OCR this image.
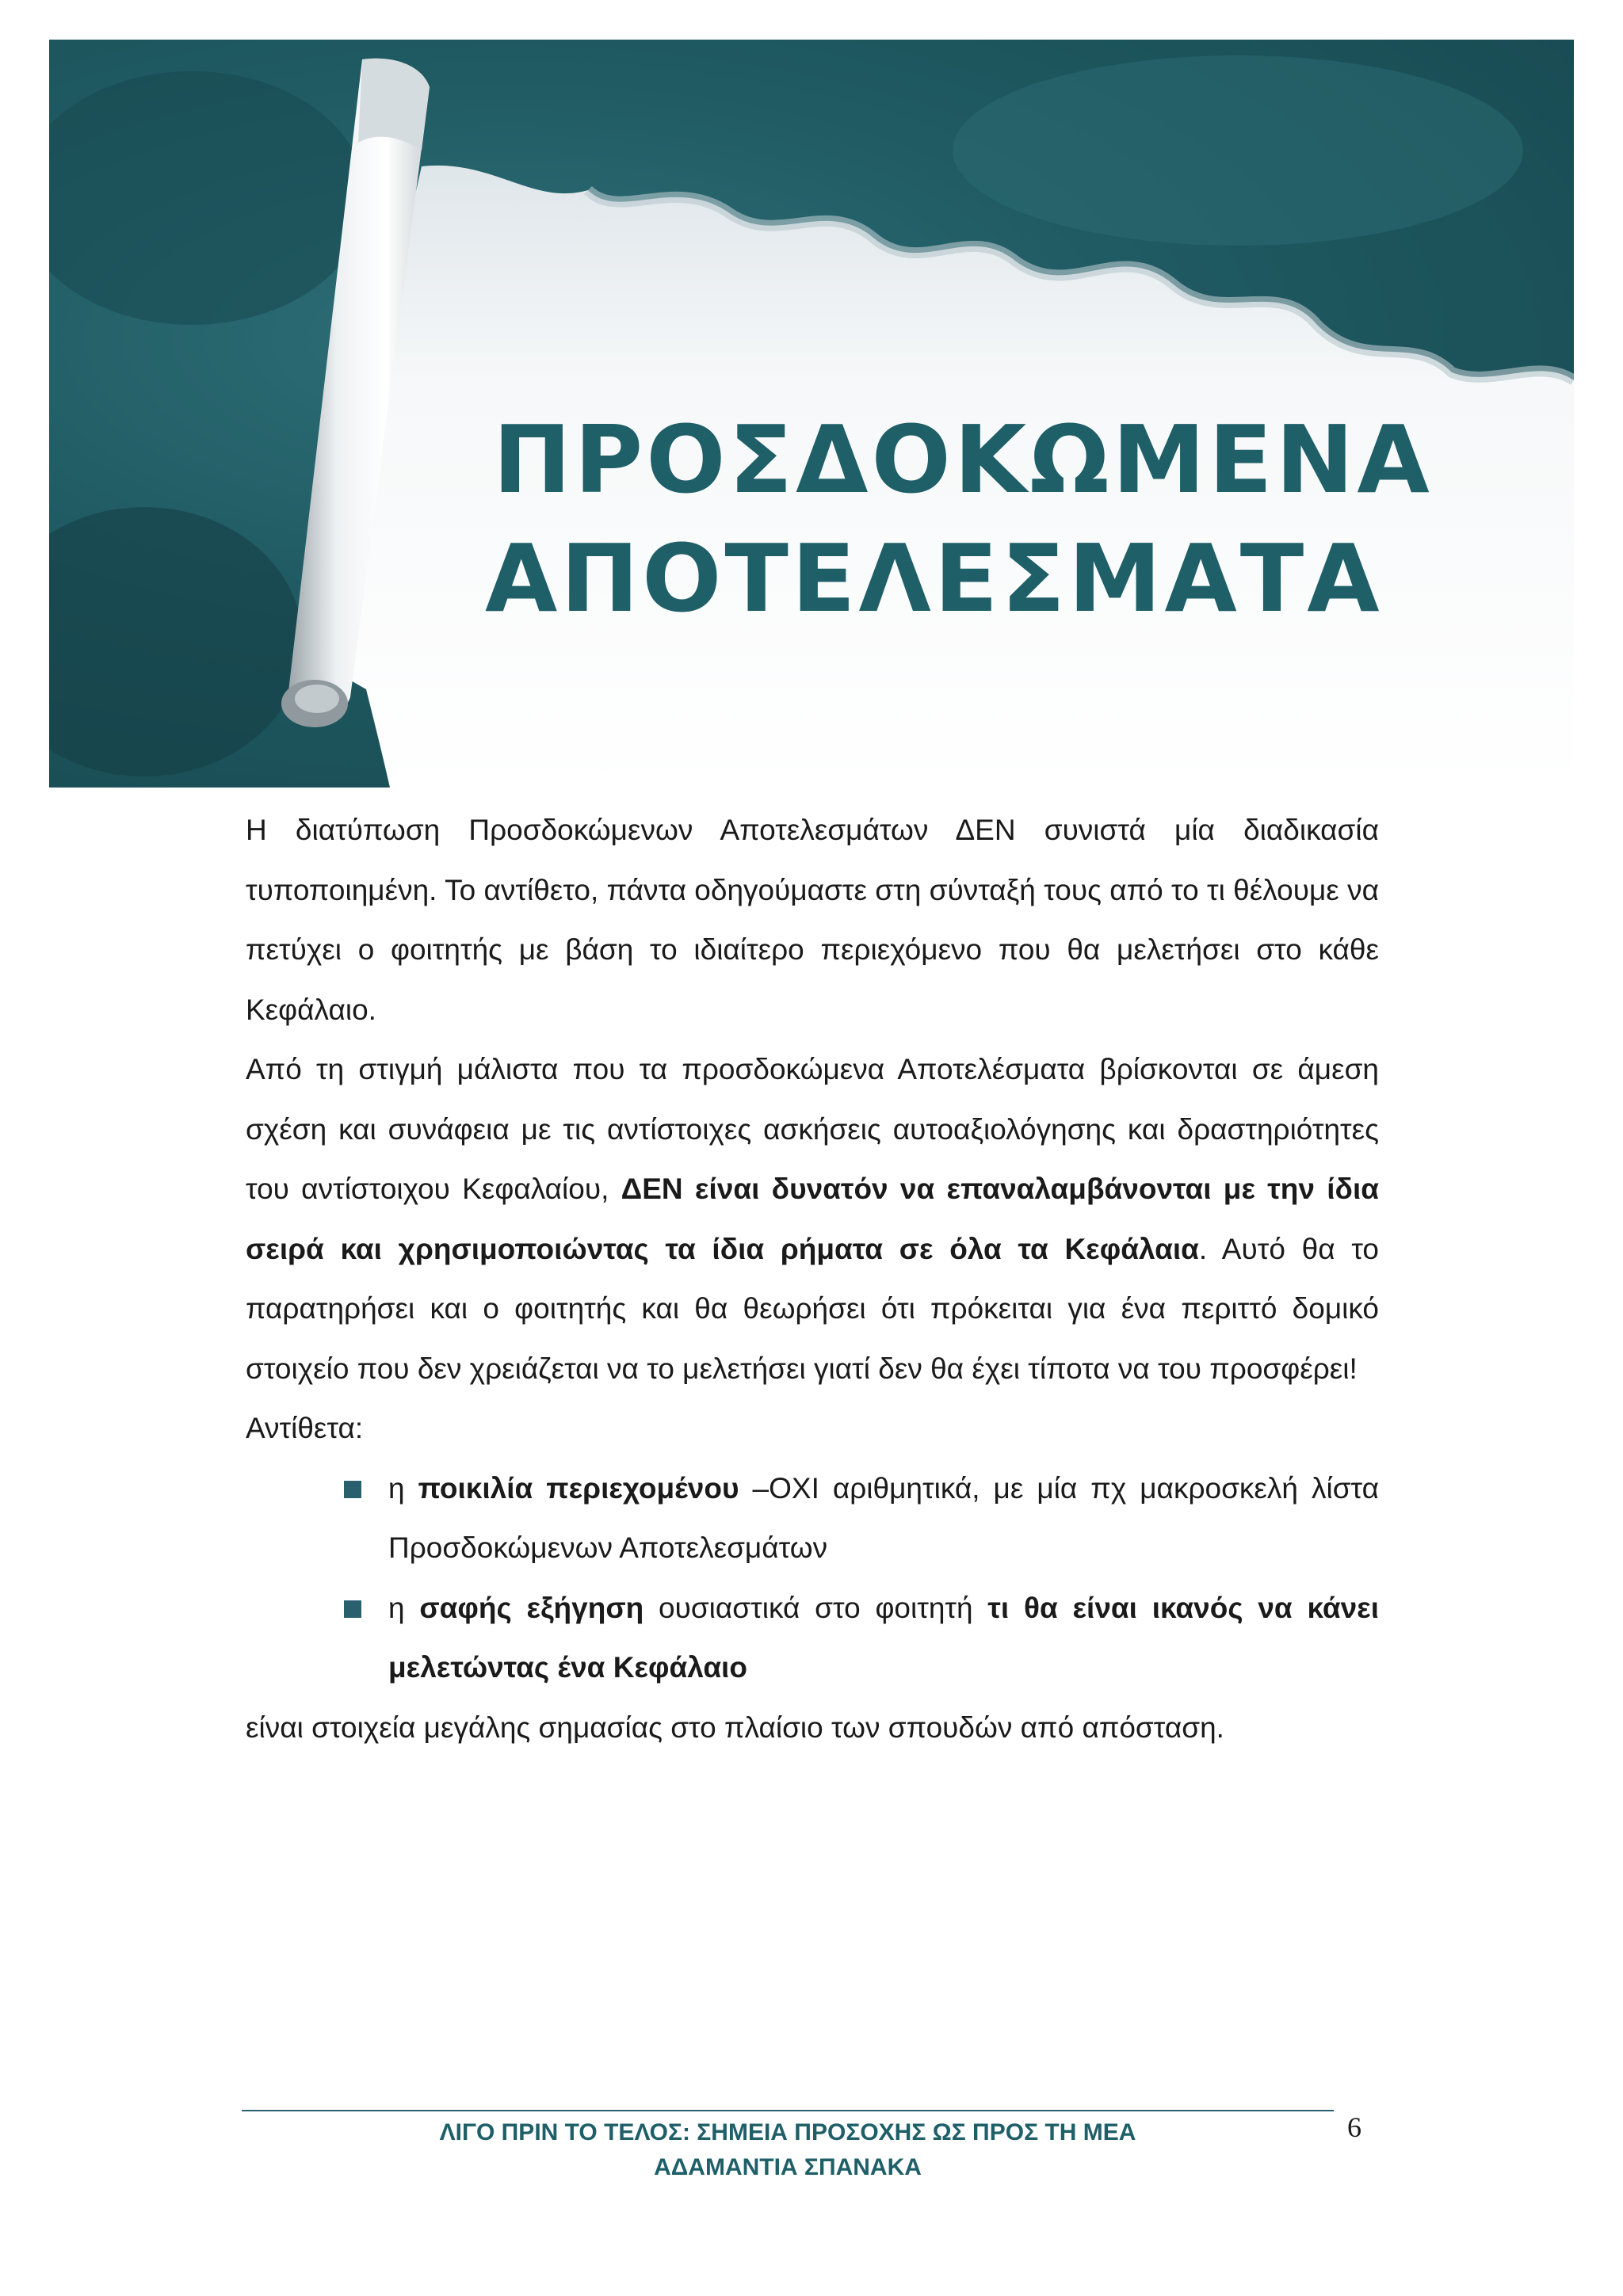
ΠΡΟΣΔΟΚΩΜΕΝΑ
ΑΠΟΤΕΛΕΣΜΑΤΑ

Η διατύπωση Προσδοκώμενων Αποτελεσμάτων ΔΕΝ συνιστά μία διαδικασία τυποποιημένη. Το αντίθετο, πάντα οδηγούμαστε στη σύνταξή τους από το τι θέλουμε να πετύχει ο φοιτητής με βάση το ιδιαίτερο περιεχόμενο που θα μελετήσει στο κάθε Κεφάλαιο.

Από τη στιγμή μάλιστα που τα προσδοκώμενα Αποτελέσματα βρίσκονται σε άμεση σχέση και συνάφεια με τις αντίστοιχες ασκήσεις αυτοαξιολόγησης και δραστηριότητες του αντίστοιχου Κεφαλαίου, ΔΕΝ είναι δυνατόν να επαναλαμβάνονται με την ίδια σειρά και χρησιμοποιώντας τα ίδια ρήματα σε όλα τα Κεφάλαια. Αυτό θα το παρατηρήσει και ο φοιτητής και θα θεωρήσει ότι πρόκειται για ένα περιττό δομικό στοιχείο που δεν χρειάζεται να το μελετήσει γιατί δεν θα έχει τίποτα να του προσφέρει!

Αντίθετα:

η ποικιλία περιεχομένου –ΟΧΙ αριθμητικά, με μία πχ μακροσκελή λίστα Προσδοκώμενων Αποτελεσμάτων
η σαφής εξήγηση ουσιαστικά στο φοιτητή τι θα είναι ικανός να κάνει μελετώντας ένα Κεφάλαιο

είναι στοιχεία μεγάλης σημασίας στο πλαίσιο των σπουδών από απόσταση.

ΛΙΓΟ ΠΡΙΝ ΤΟ ΤΕΛΟΣ: ΣΗΜΕΙΑ ΠΡΟΣΟΧΗΣ ΩΣ ΠΡΟΣ ΤΗ ΜΕΑ
ΑΔΑΜΑΝΤΙΑ ΣΠΑΝΑΚΑ
6
